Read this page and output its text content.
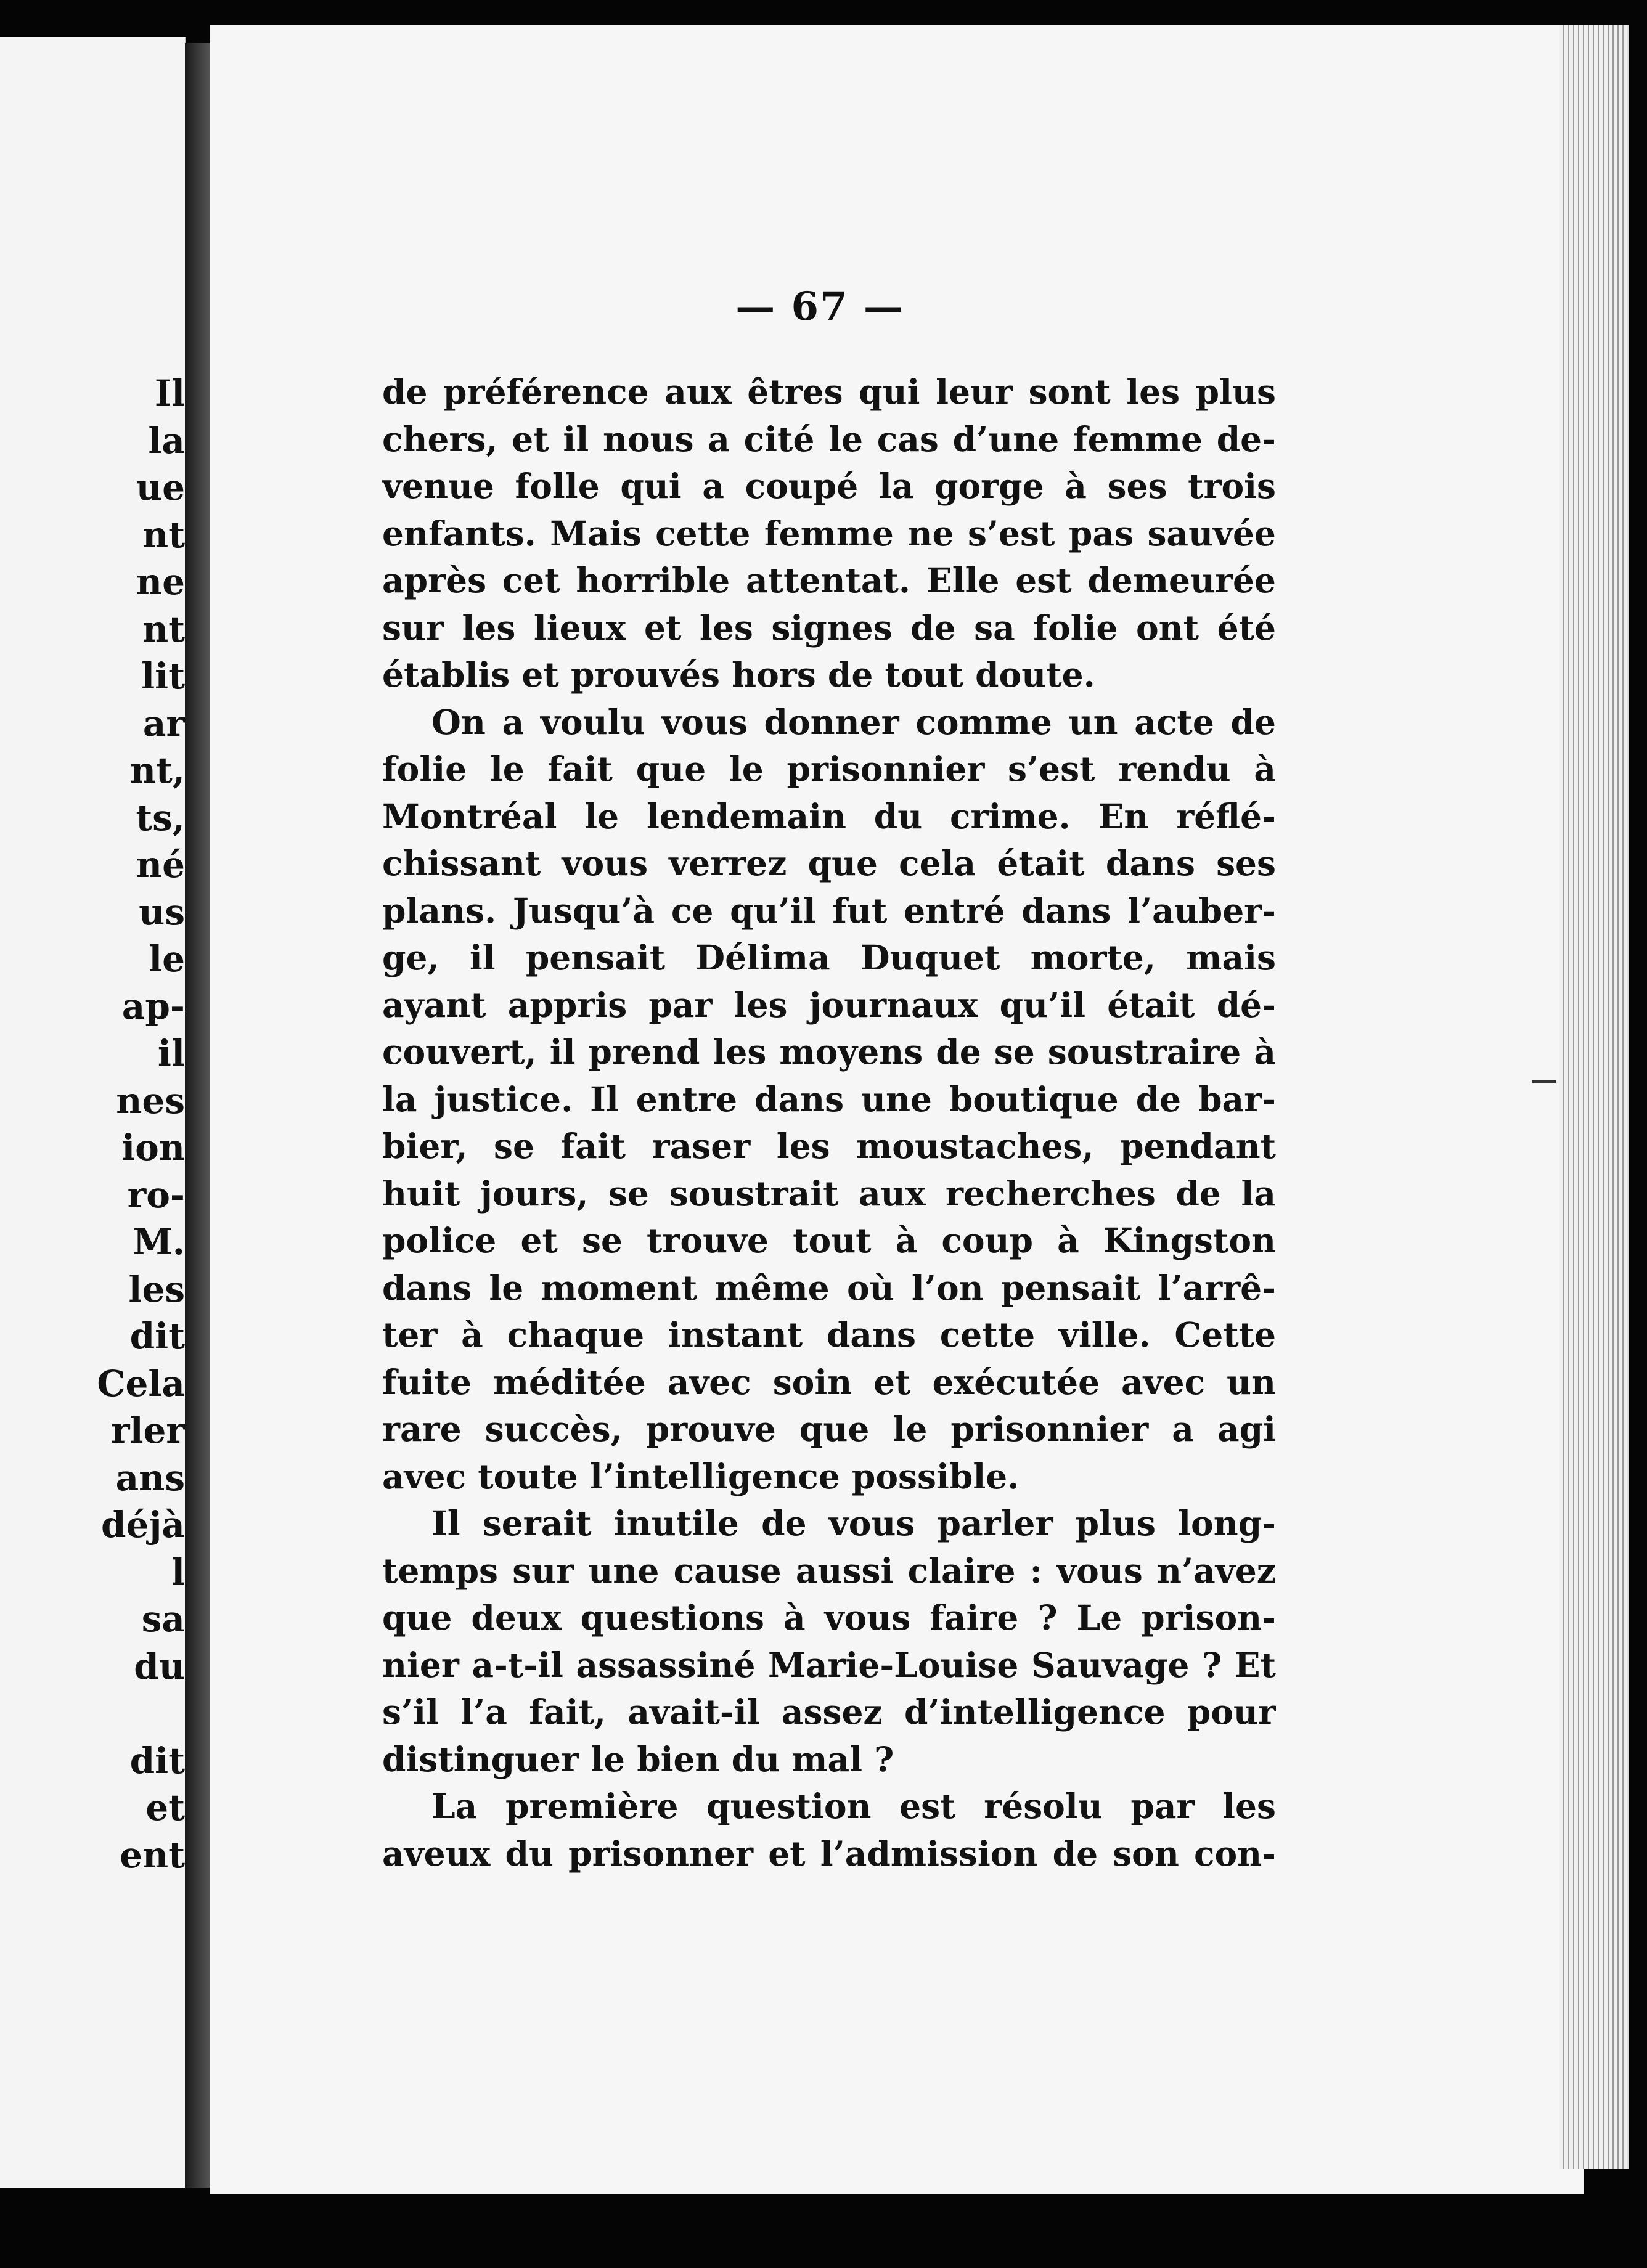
Il
la
ue
nt
ne
nt
lit
ar
nt,
ts,
né
us
le
ap-
il
nes
ion
ro-
M.
les
dit
Cela
rler
ans
déjà
l
sa
du
dit
et
ent
— 67 —
de préférence aux êtres qui leur sont les plus
chers, et il nous a cité le cas d’une femme de-
venue folle qui a coupé la gorge à ses trois
enfants. Mais cette femme ne s’est pas sauvée
après cet horrible attentat. Elle est demeurée
sur les lieux et les signes de sa folie ont été
établis et prouvés hors de tout doute.
On a voulu vous donner comme un acte de
folie le fait que le prisonnier s’est rendu à
Montréal le lendemain du crime. En réflé-
chissant vous verrez que cela était dans ses
plans. Jusqu’à ce qu’il fut entré dans l’auber-
ge, il pensait Délima Duquet morte, mais
ayant appris par les journaux qu’il était dé-
couvert, il prend les moyens de se soustraire à
la justice. Il entre dans une boutique de bar-
bier, se fait raser les moustaches, pendant
huit jours, se soustrait aux recherches de la
police et se trouve tout à coup à Kingston
dans le moment même où l’on pensait l’arrê-
ter à chaque instant dans cette ville. Cette
fuite méditée avec soin et exécutée avec un
rare succès, prouve que le prisonnier a agi
avec toute l’intelligence possible.
Il serait inutile de vous parler plus long-
temps sur une cause aussi claire : vous n’avez
que deux questions à vous faire ? Le prison-
nier a-t-il assassiné Marie-Louise Sauvage ? Et
s’il l’a fait, avait-il assez d’intelligence pour
distinguer le bien du mal ?
La première question est résolu par les
aveux du prisonner et l’admission de son con-
